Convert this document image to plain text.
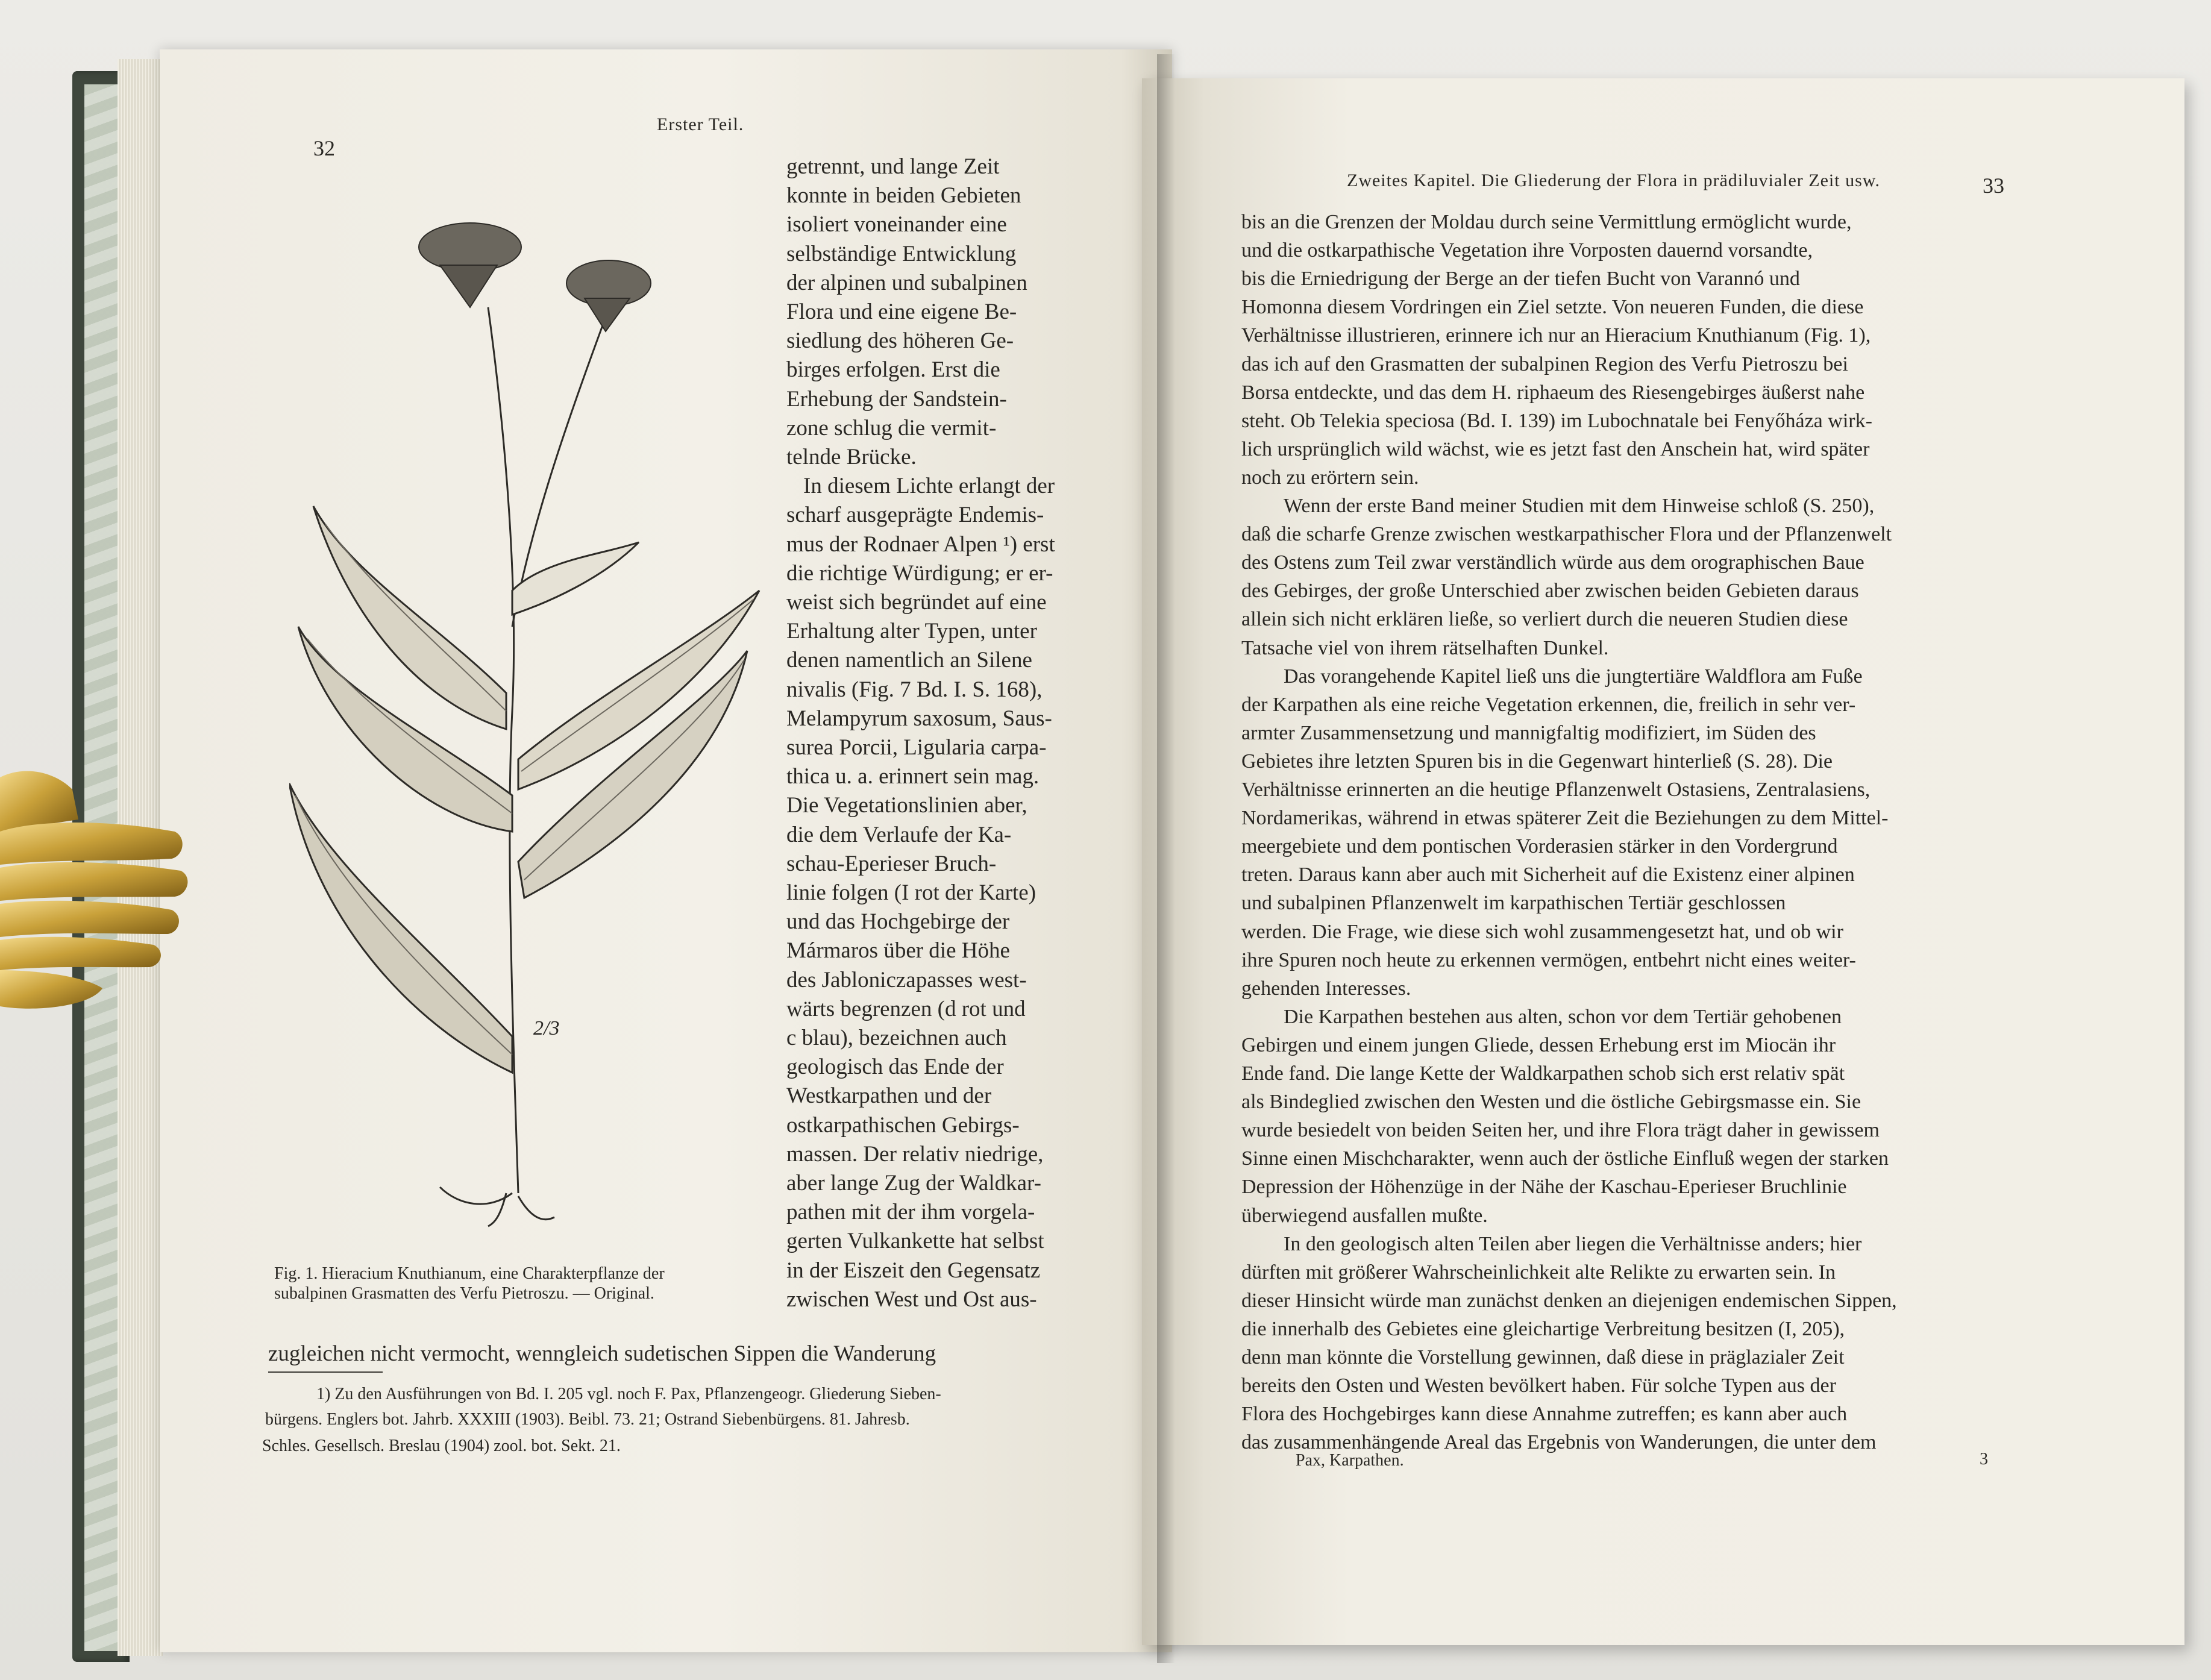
32
Erster Teil.
2/3
getrennt, und lange Zeit
konnte in beiden Gebieten
isoliert voneinander eine
selbständige Entwicklung
der alpinen und subalpinen
Flora und eine eigene Be-
siedlung des höheren Ge-
birges erfolgen. Erst die
Erhebung der Sandstein-
zone schlug die vermit-
telnde Brücke.
In diesem Lichte erlangt der
scharf ausgeprägte Endemis-
mus der Rodnaer Alpen ¹) erst
die richtige Würdigung; er er-
weist sich begründet auf eine
Erhaltung alter Typen, unter
denen namentlich an Silene
nivalis (Fig. 7 Bd. I. S. 168),
Melampyrum saxosum, Saus-
surea Porcii, Ligularia carpa-
thica u. a. erinnert sein mag.
Die Vegetationslinien aber,
die dem Verlaufe der Ka-
schau-Eperieser Bruch-
linie folgen (I rot der Karte)
und das Hochgebirge der
Mármaros über die Höhe
des Jabloniczapasses west-
wärts begrenzen (d rot und
c blau), bezeichnen auch
geologisch das Ende der
Westkarpathen und der
ostkarpathischen Gebirgs-
massen. Der relativ niedrige,
aber lange Zug der Waldkar-
pathen mit der ihm vorgela-
gerten Vulkankette hat selbst
in der Eiszeit den Gegensatz
zwischen West und Ost aus-
Fig. 1. Hieracium Knuthianum, eine Charakterpflanze der
subalpinen Grasmatten des Verfu Pietroszu. — Original.
zugleichen nicht vermocht, wenngleich sudetischen Sippen die Wanderung
1) Zu den Ausführungen von Bd. I. 205 vgl. noch F. Pax, Pflanzengeogr. Gliederung Sieben-
bürgens. Englers bot. Jahrb. XXXIII (1903). Beibl. 73. 21; Ostrand Siebenbürgens. 81. Jahresb.
Schles. Gesellsch. Breslau (1904) zool. bot. Sekt. 21.
Zweites Kapitel. Die Gliederung der Flora in prädiluvialer Zeit usw.	33
bis an die Grenzen der Moldau durch seine Vermittlung ermöglicht wurde,
und die ostkarpathische Vegetation ihre Vorposten dauernd vorsandte,
bis die Erniedrigung der Berge an der tiefen Bucht von Varannó und
Homonna diesem Vordringen ein Ziel setzte. Von neueren Funden, die diese
Verhältnisse illustrieren, erinnere ich nur an Hieracium Knuthianum (Fig. 1),
das ich auf den Grasmatten der subalpinen Region des Verfu Pietroszu bei
Borsa entdeckte, und das dem H. riphaeum des Riesengebirges äußerst nahe
steht. Ob Telekia speciosa (Bd. I. 139) im Lubochnatale bei Fenyőháza wirk-
lich ursprünglich wild wächst, wie es jetzt fast den Anschein hat, wird später
noch zu erörtern sein.
Wenn der erste Band meiner Studien mit dem Hinweise schloß (S. 250),
daß die scharfe Grenze zwischen westkarpathischer Flora und der Pflanzenwelt
des Ostens zum Teil zwar verständlich würde aus dem orographischen Baue
des Gebirges, der große Unterschied aber zwischen beiden Gebieten daraus
allein sich nicht erklären ließe, so verliert durch die neueren Studien diese
Tatsache viel von ihrem rätselhaften Dunkel.
Das vorangehende Kapitel ließ uns die jungtertiäre Waldflora am Fuße
der Karpathen als eine reiche Vegetation erkennen, die, freilich in sehr ver-
armter Zusammensetzung und mannigfaltig modifiziert, im Süden des
Gebietes ihre letzten Spuren bis in die Gegenwart hinterließ (S. 28). Die
Verhältnisse erinnerten an die heutige Pflanzenwelt Ostasiens, Zentralasiens,
Nordamerikas, während in etwas späterer Zeit die Beziehungen zu dem Mittel-
meergebiete und dem pontischen Vorderasien stärker in den Vordergrund
treten. Daraus kann aber auch mit Sicherheit auf die Existenz einer alpinen
und subalpinen Pflanzenwelt im karpathischen Tertiär geschlossen
werden. Die Frage, wie diese sich wohl zusammengesetzt hat, und ob wir
ihre Spuren noch heute zu erkennen vermögen, entbehrt nicht eines weiter-
gehenden Interesses.
Die Karpathen bestehen aus alten, schon vor dem Tertiär gehobenen
Gebirgen und einem jungen Gliede, dessen Erhebung erst im Miocän ihr
Ende fand. Die lange Kette der Waldkarpathen schob sich erst relativ spät
als Bindeglied zwischen den Westen und die östliche Gebirgsmasse ein. Sie
wurde besiedelt von beiden Seiten her, und ihre Flora trägt daher in gewissem
Sinne einen Mischcharakter, wenn auch der östliche Einfluß wegen der starken
Depression der Höhenzüge in der Nähe der Kaschau-Eperieser Bruchlinie
überwiegend ausfallen mußte.
In den geologisch alten Teilen aber liegen die Verhältnisse anders; hier
dürften mit größerer Wahrscheinlichkeit alte Relikte zu erwarten sein. In
dieser Hinsicht würde man zunächst denken an diejenigen endemischen Sippen,
die innerhalb des Gebietes eine gleichartige Verbreitung besitzen (I, 205),
denn man könnte die Vorstellung gewinnen, daß diese in präglazialer Zeit
bereits den Osten und Westen bevölkert haben. Für solche Typen aus der
Flora des Hochgebirges kann diese Annahme zutreffen; es kann aber auch
das zusammenhängende Areal das Ergebnis von Wanderungen, die unter dem
Pax, Karpathen.	3
